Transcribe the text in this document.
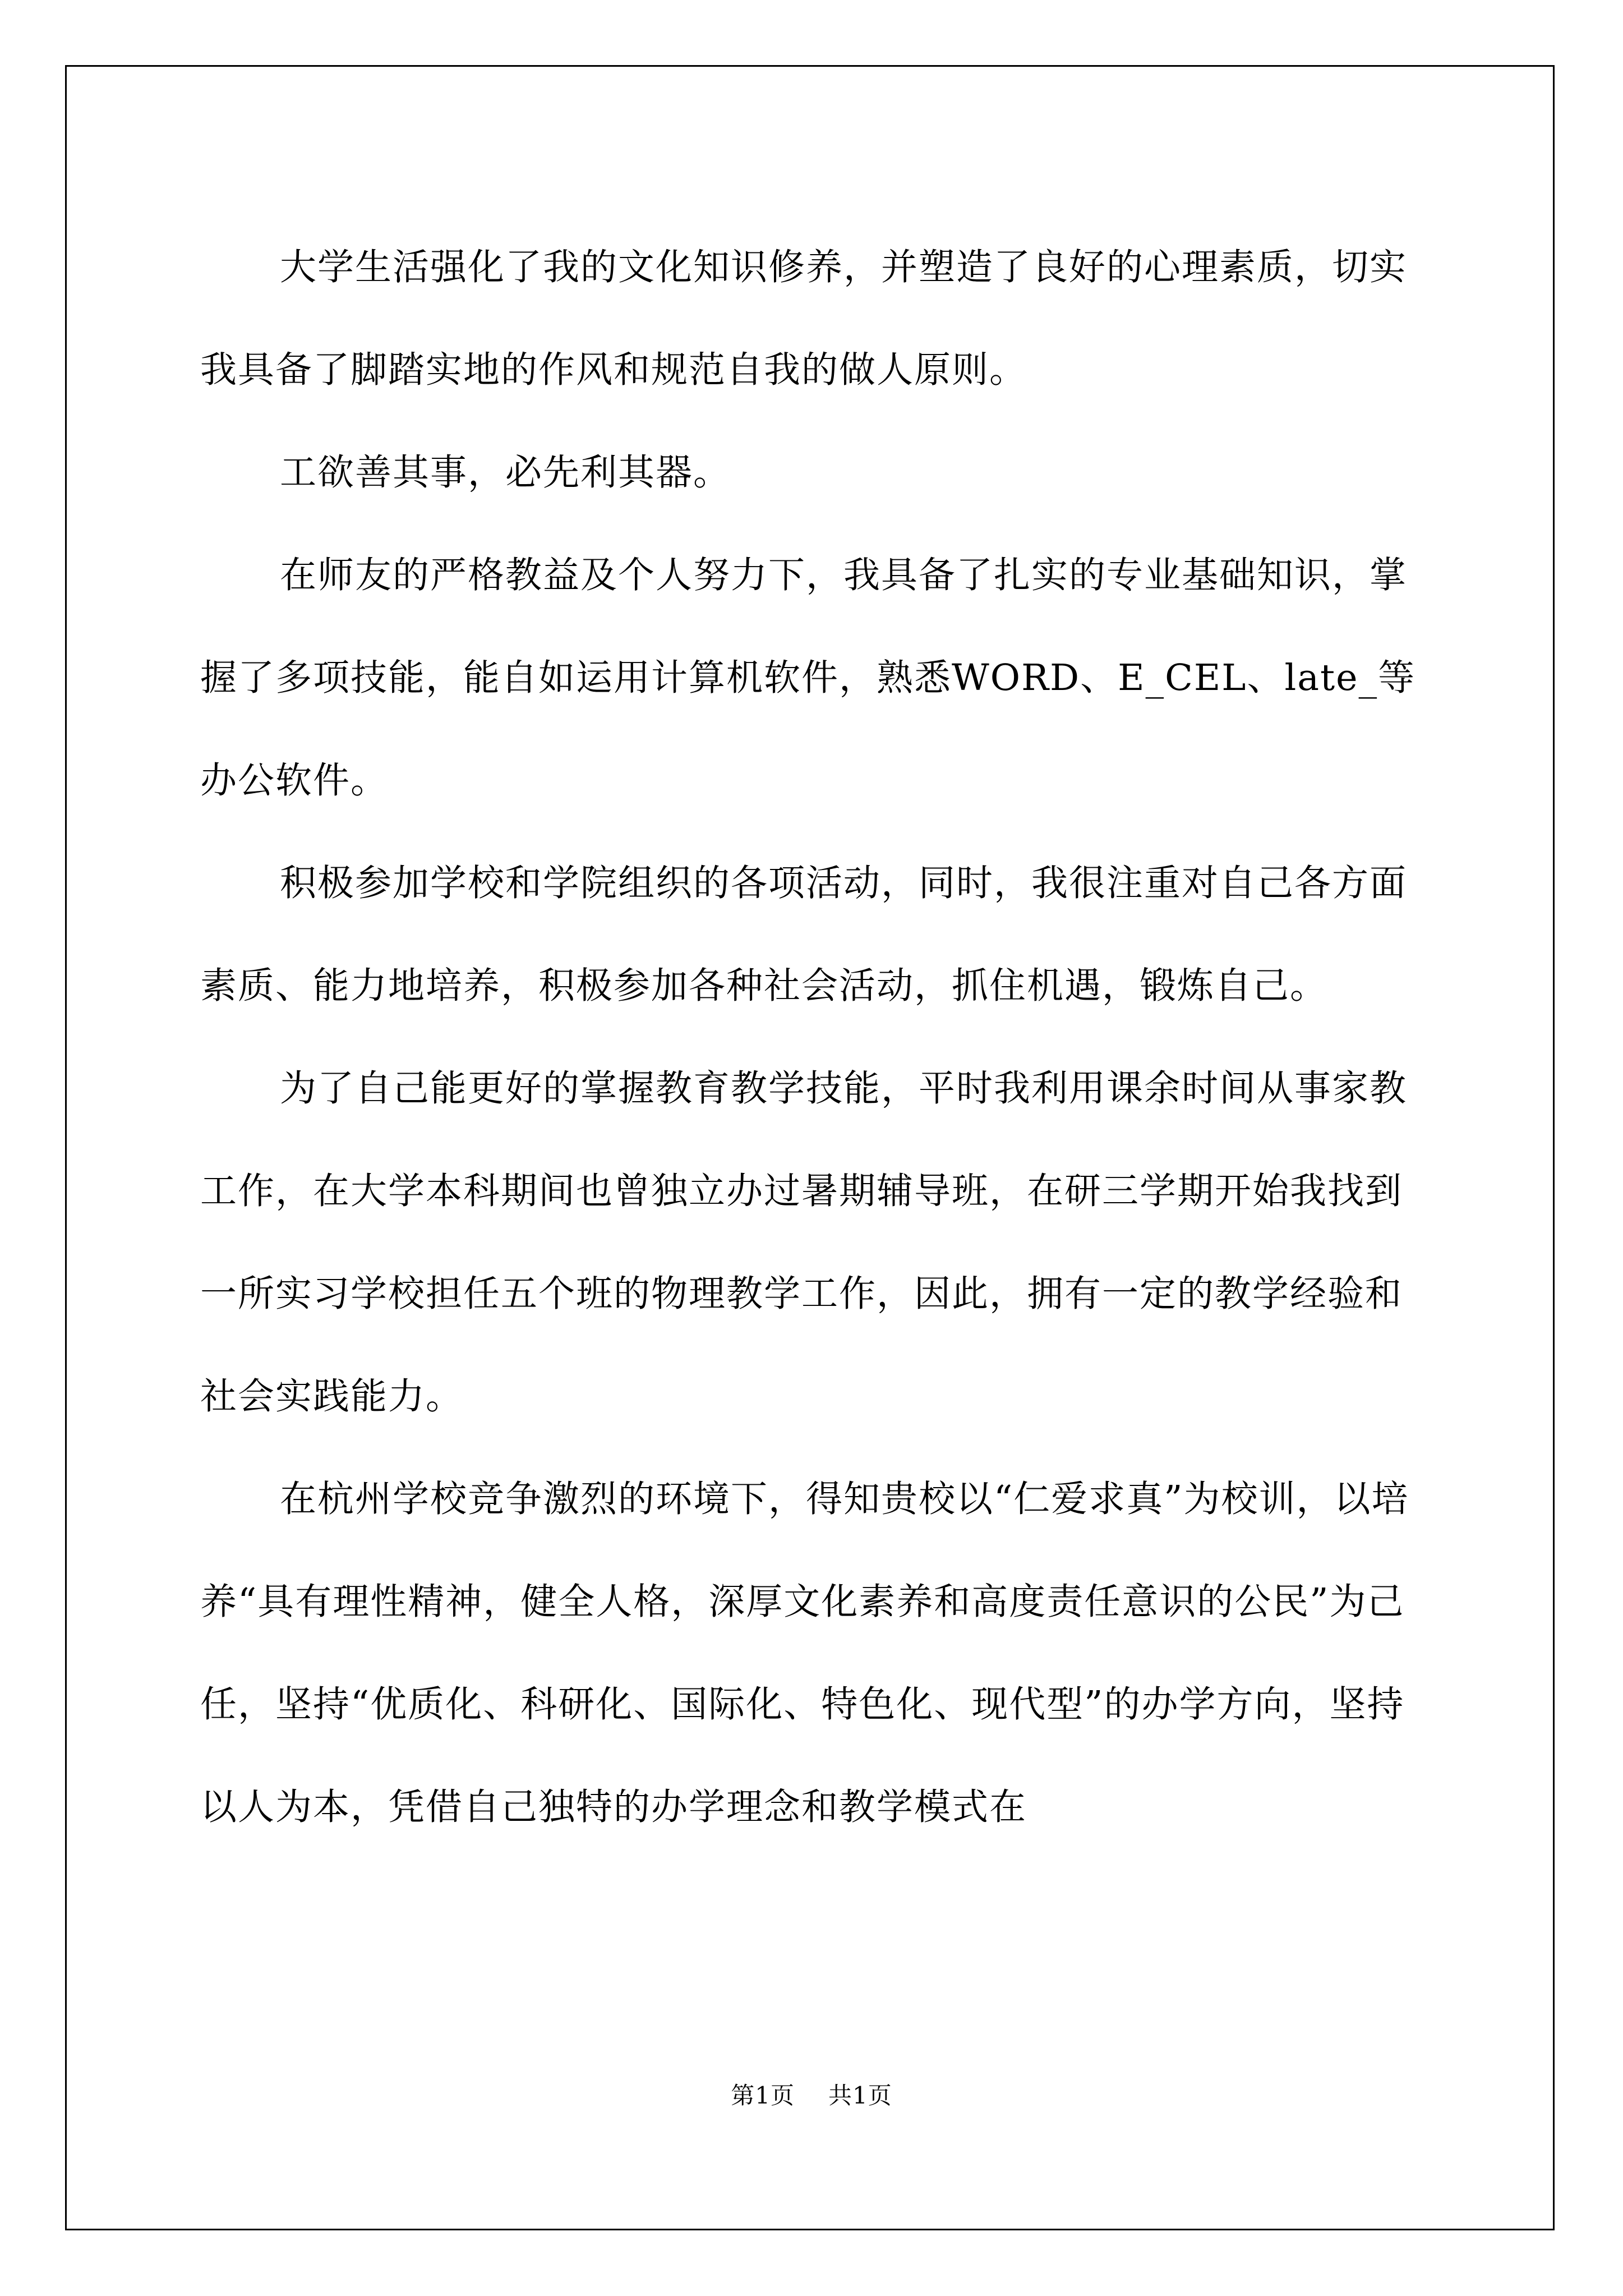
大学生活强化了我的文化知识修养，并塑造了良好的心理素质，切实我具备了脚踏实地的作风和规范自我的做人原则。

工欲善其事，必先利其器。

在师友的严格教益及个人努力下，我具备了扎实的专业基础知识，掌握了多项技能，能自如运用计算机软件，熟悉WORD、E_CEL、late_等办公软件。

积极参加学校和学院组织的各项活动，同时，我很注重对自己各方面素质、能力地培养，积极参加各种社会活动，抓住机遇，锻炼自己。

为了自己能更好的掌握教育教学技能，平时我利用课余时间从事家教工作，在大学本科期间也曾独立办过暑期辅导班，在研三学期开始我找到一所实习学校担任五个班的物理教学工作，因此，拥有一定的教学经验和社会实践能力。

在杭州学校竞争激烈的环境下，得知贵校以“仁爱求真”为校训，以培养“具有理性精神，健全人格，深厚文化素养和高度责任意识的公民”为己任，坚持“优质化、科研化、国际化、特色化、现代型”的办学方向，坚持以人为本，凭借自己独特的办学理念和教学模式在

第1页 共1页
